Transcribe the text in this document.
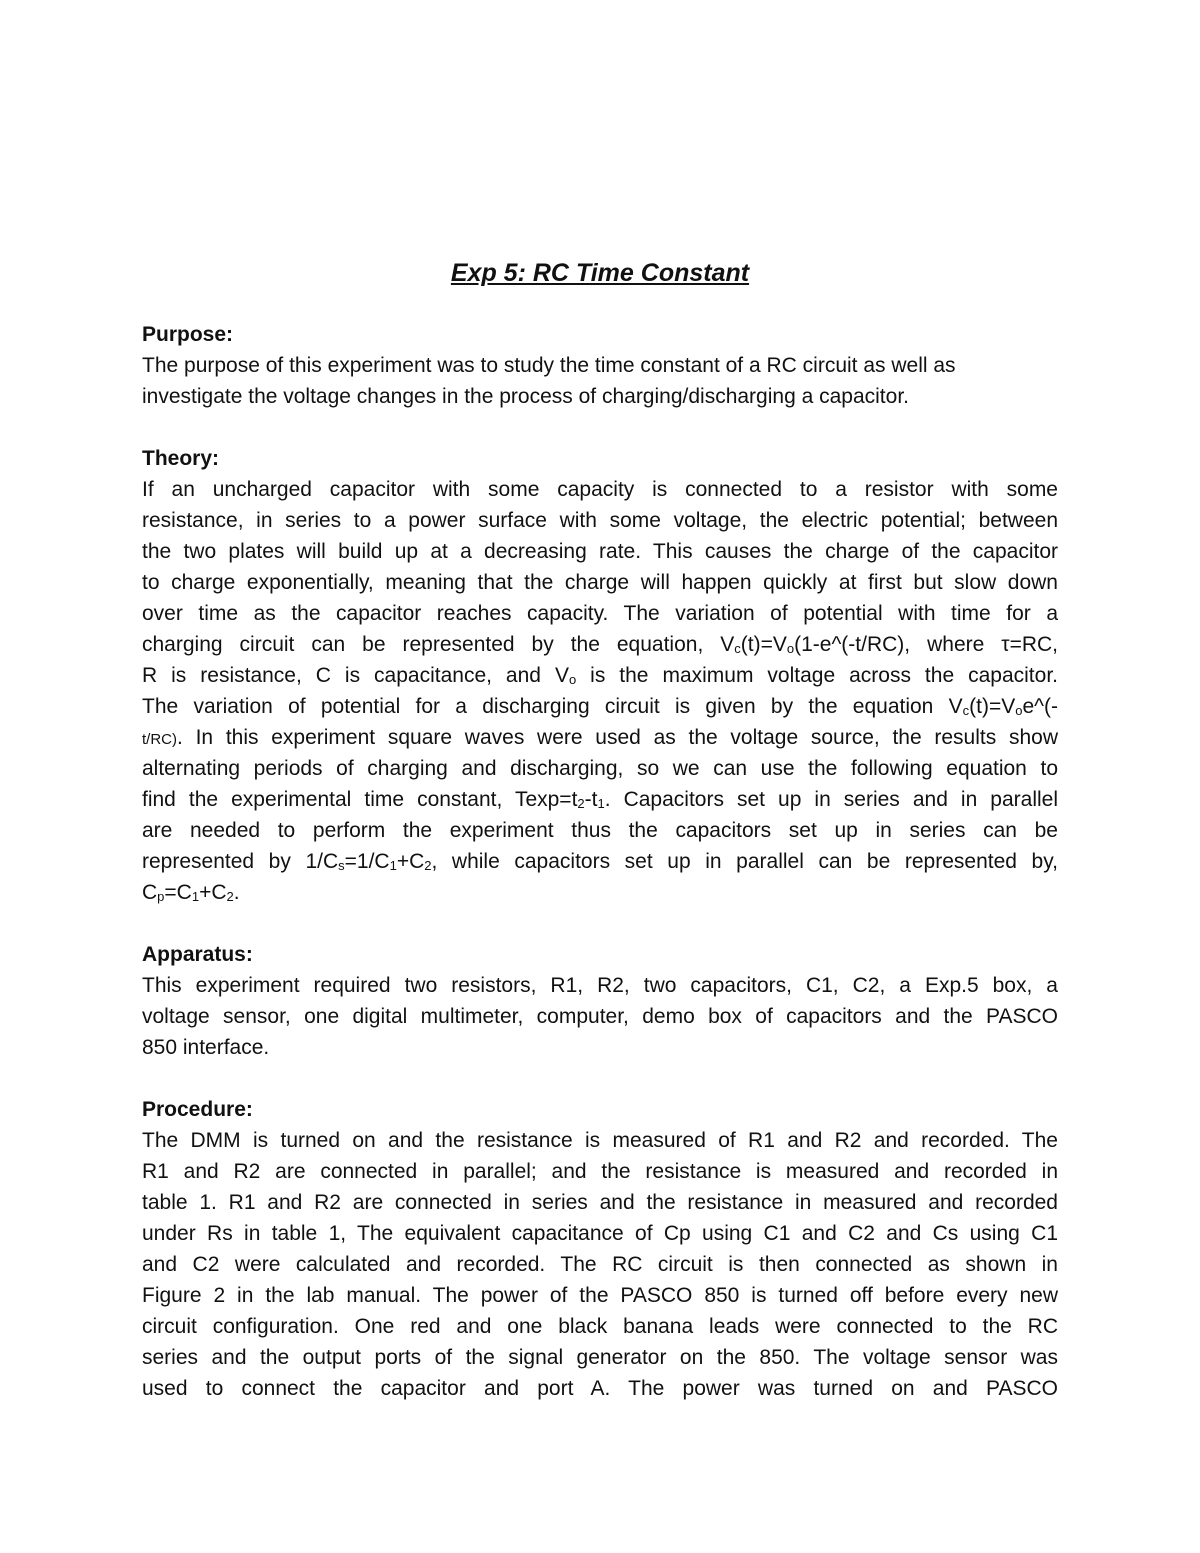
Exp 5: RC Time Constant
Purpose:
The purpose of this experiment was to study the time constant of a RC circuit as well as
investigate the voltage changes in the process of charging/discharging a capacitor.
Theory:
If an uncharged capacitor with some capacity is connected to a resistor with some
resistance, in series to a power surface with some voltage, the electric potential; between
the two plates will build up at a decreasing rate. This causes the charge of the capacitor
to charge exponentially, meaning that the charge will happen quickly at first but slow down
over time as the capacitor reaches capacity. The variation of potential with time for a
charging circuit can be represented by the equation, $V_c(t)=V_o(1-e\^{}(-t/RC)$, where τ=RC,
R is resistance, C is capacitance, and $V_o$ is the maximum voltage across the capacitor.
The variation of potential for a discharging circuit is given by the equation $V_c(t)=V_oe\^{}(-$
t/RC). In this experiment square waves were used as the voltage source, the results show
alternating periods of charging and discharging, so we can use the following equation to
find the experimental time constant, $Texp=t_2-t_1$. Capacitors set up in series and in parallel
are needed to perform the experiment thus the capacitors set up in series can be
represented by $1/C_s=1/C_1+C_2$, while capacitors set up in parallel can be represented by,
$C_p=C_1+C_2$.
Apparatus:
This experiment required two resistors, R1, R2, two capacitors, C1, C2, a Exp.5 box, a
voltage sensor, one digital multimeter, computer, demo box of capacitors and the PASCO
850 interface.
Procedure:
The DMM is turned on and the resistance is measured of R1 and R2 and recorded. The
R1 and R2 are connected in parallel; and the resistance is measured and recorded in
table 1. R1 and R2 are connected in series and the resistance in measured and recorded
under Rs in table 1, The equivalent capacitance of Cp using C1 and C2 and Cs using C1
and C2 were calculated and recorded. The RC circuit is then connected as shown in
Figure 2 in the lab manual. The power of the PASCO 850 is turned off before every new
circuit configuration. One red and one black banana leads were connected to the RC
series and the output ports of the signal generator on the 850. The voltage sensor was
used to connect the capacitor and port A. The power was turned on and PASCO
